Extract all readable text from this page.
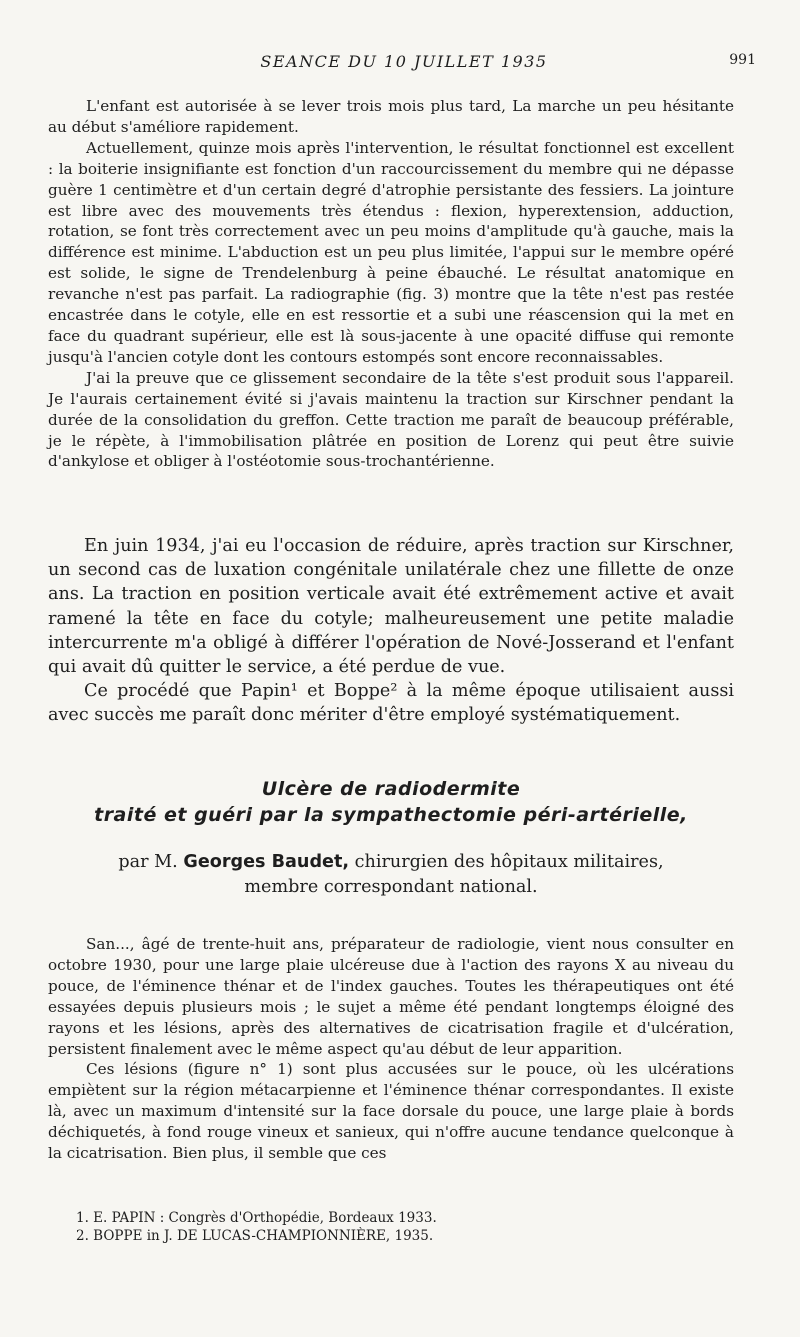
SEANCE DU 10 JUILLET 1935	991

L'enfant est autorisée à se lever trois mois plus tard, La marche un peu hésitante au début s'améliore rapidement.

Actuellement, quinze mois après l'intervention, le résultat fonctionnel est excellent : la boiterie insignifiante est fonction d'un raccourcissement du membre qui ne dépasse guère 1 centimètre et d'un certain degré d'atrophie persistante des fessiers. La jointure est libre avec des mouvements très étendus : flexion, hyperextension, adduction, rotation, se font très correctement avec un peu moins d'amplitude qu'à gauche, mais la différence est minime. L'abduction est un peu plus limitée, l'appui sur le membre opéré est solide, le signe de Trendelenburg à peine ébauché. Le résultat anatomique en revanche n'est pas parfait. La radiographie (fig. 3) montre que la tête n'est pas restée encastrée dans le cotyle, elle en est ressortie et a subi une réascension qui la met en face du quadrant supérieur, elle est là sous-jacente à une opacité diffuse qui remonte jusqu'à l'ancien cotyle dont les contours estompés sont encore reconnaissables.

J'ai la preuve que ce glissement secondaire de la tête s'est produit sous l'appareil. Je l'aurais certainement évité si j'avais maintenu la traction sur Kirschner pendant la durée de la consolidation du greffon. Cette traction me paraît de beaucoup préférable, je le répète, à l'immobilisation plâtrée en position de Lorenz qui peut être suivie d'ankylose et obliger à l'ostéotomie sous-trochantérienne.

En juin 1934, j'ai eu l'occasion de réduire, après traction sur Kirschner, un second cas de luxation congénitale unilatérale chez une fillette de onze ans. La traction en position verticale avait été extrêmement active et avait ramené la tête en face du cotyle; malheureusement une petite maladie intercurrente m'a obligé à différer l'opération de Nové-Josserand et l'enfant qui avait dû quitter le service, a été perdue de vue.

Ce procédé que Papin¹ et Boppe² à la même époque utilisaient aussi avec succès me paraît donc mériter d'être employé systématiquement.

Ulcère de radiodermite
traité et guéri par la sympathectomie péri-artérielle,
par M. Georges Baudet, chirurgien des hôpitaux militaires,
membre correspondant national.

San..., âgé de trente-huit ans, préparateur de radiologie, vient nous consulter en octobre 1930, pour une large plaie ulcéreuse due à l'action des rayons X au niveau du pouce, de l'éminence thénar et de l'index gauches. Toutes les thérapeutiques ont été essayées depuis plusieurs mois ; le sujet a même été pendant longtemps éloigné des rayons et les lésions, après des alternatives de cicatrisation fragile et d'ulcération, persistent finalement avec le même aspect qu'au début de leur apparition.

Ces lésions (figure n° 1) sont plus accusées sur le pouce, où les ulcérations empiètent sur la région métacarpienne et l'éminence thénar correspondantes. Il existe là, avec un maximum d'intensité sur la face dorsale du pouce, une large plaie à bords déchiquetés, à fond rouge vineux et sanieux, qui n'offre aucune tendance quelconque à la cicatrisation. Bien plus, il semble que ces

1. E. PAPIN : Congrès d'Orthopédie, Bordeaux 1933.
2. BOPPE in J. DE LUCAS-CHAMPIONNIÈRE, 1935.
